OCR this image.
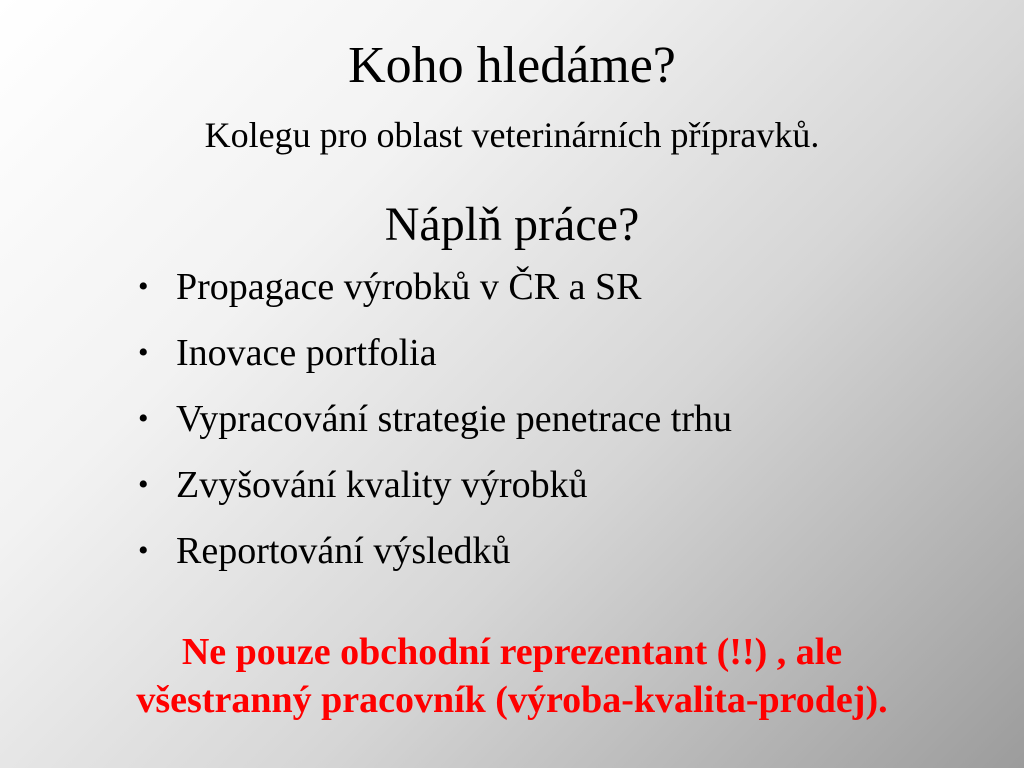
Koho hledáme?
Kolegu pro oblast veterinárních přípravků.
Náplň práce?
• Propagace výrobků v ČR a SR
• Inovace portfolia
• Vypracování strategie penetrace trhu
• Zvyšování kvality výrobků
• Reportování výsledků
Ne pouze obchodní reprezentant (!!) , ale
všestranný pracovník (výroba-kvalita-prodej).
